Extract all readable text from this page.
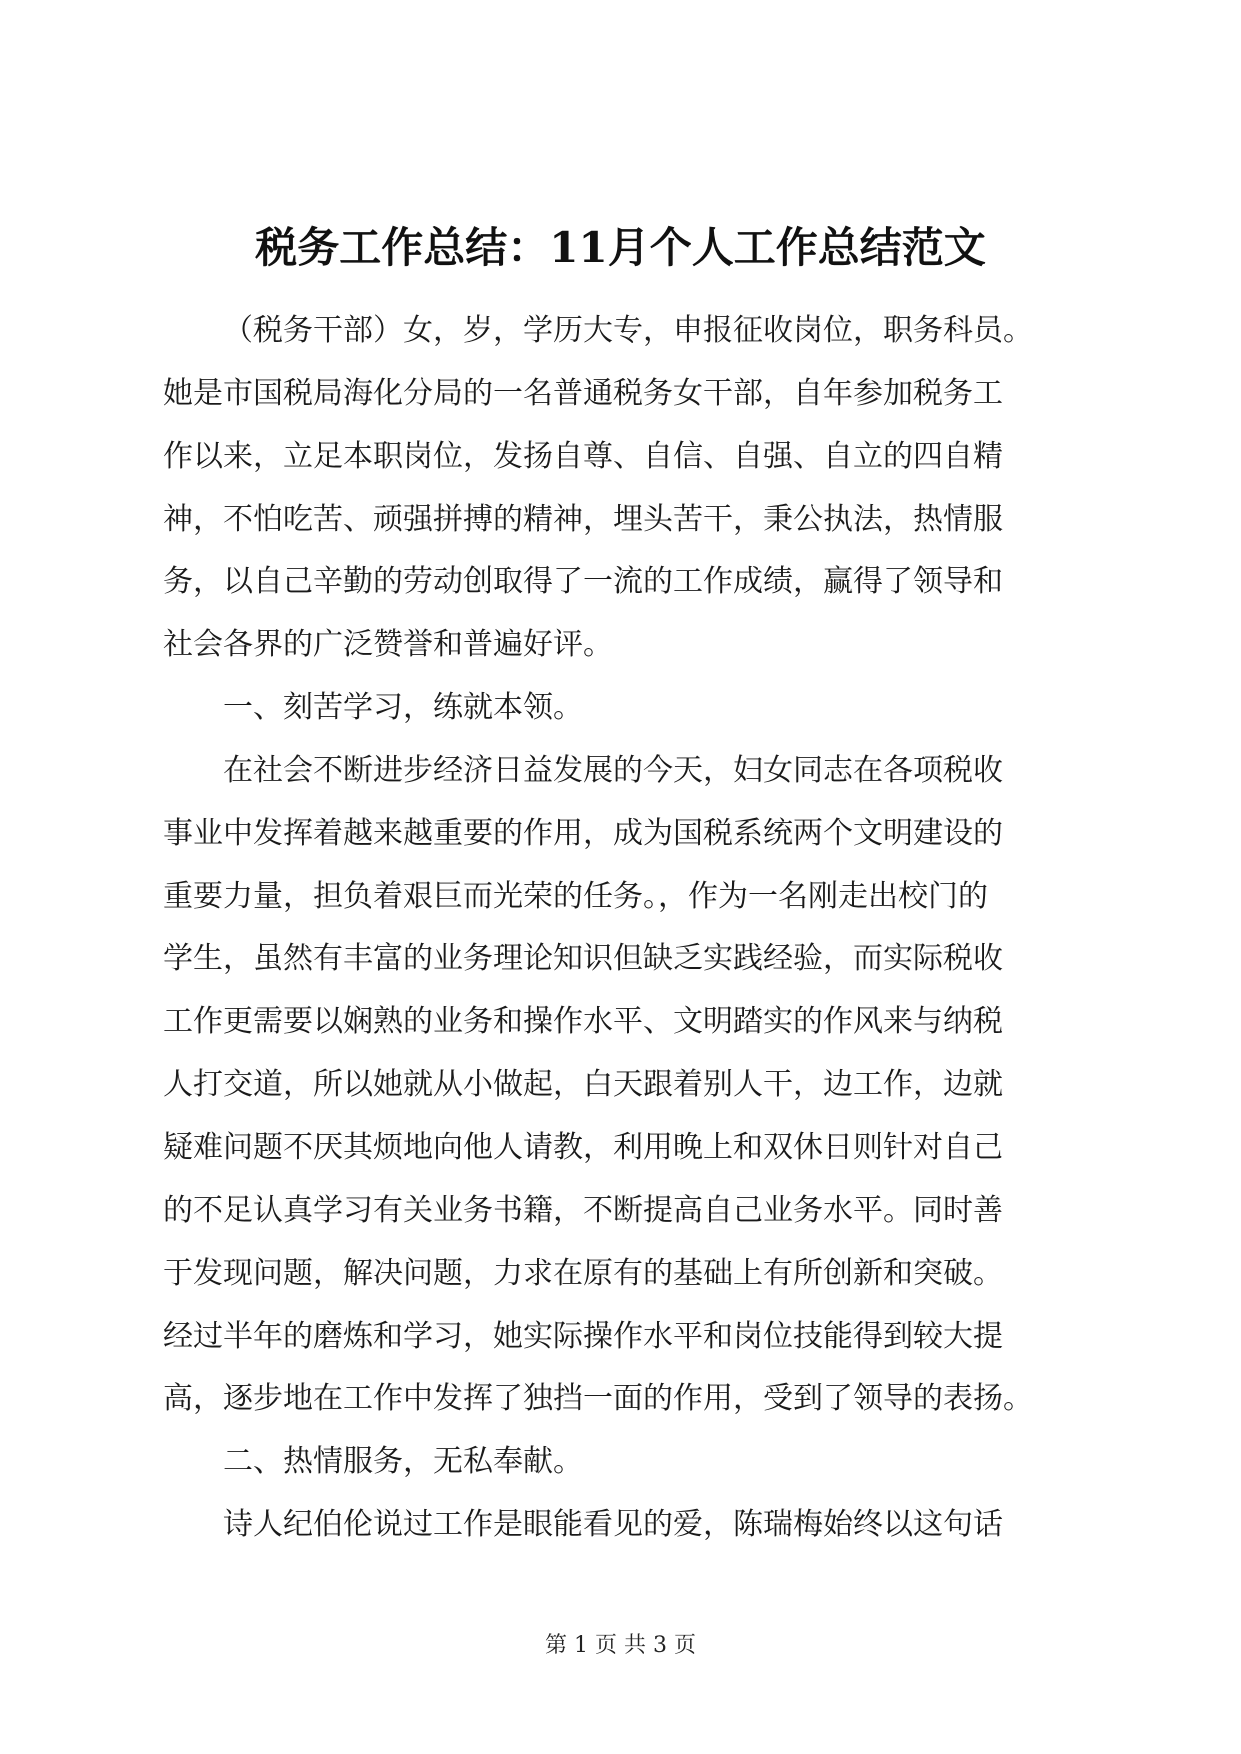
税务工作总结：11月个人工作总结范文
（税务干部）女，岁，学历大专，申报征收岗位，职务科员。
她是市国税局海化分局的一名普通税务女干部，自年参加税务工
作以来，立足本职岗位，发扬自尊、自信、自强、自立的四自精
神，不怕吃苦、顽强拼搏的精神，埋头苦干，秉公执法，热情服
务，以自己辛勤的劳动创取得了一流的工作成绩，赢得了领导和
社会各界的广泛赞誉和普遍好评。
一、刻苦学习，练就本领。
在社会不断进步经济日益发展的今天，妇女同志在各项税收
事业中发挥着越来越重要的作用，成为国税系统两个文明建设的
重要力量，担负着艰巨而光荣的任务。，作为一名刚走出校门的
学生，虽然有丰富的业务理论知识但缺乏实践经验，而实际税收
工作更需要以娴熟的业务和操作水平、文明踏实的作风来与纳税
人打交道，所以她就从小做起，白天跟着别人干，边工作，边就
疑难问题不厌其烦地向他人请教，利用晚上和双休日则针对自己
的不足认真学习有关业务书籍，不断提高自己业务水平。同时善
于发现问题，解决问题，力求在原有的基础上有所创新和突破。
经过半年的磨炼和学习，她实际操作水平和岗位技能得到较大提
高，逐步地在工作中发挥了独挡一面的作用，受到了领导的表扬。
二、热情服务，无私奉献。
诗人纪伯伦说过工作是眼能看见的爱，陈瑞梅始终以这句话
第 1 页 共 3 页
